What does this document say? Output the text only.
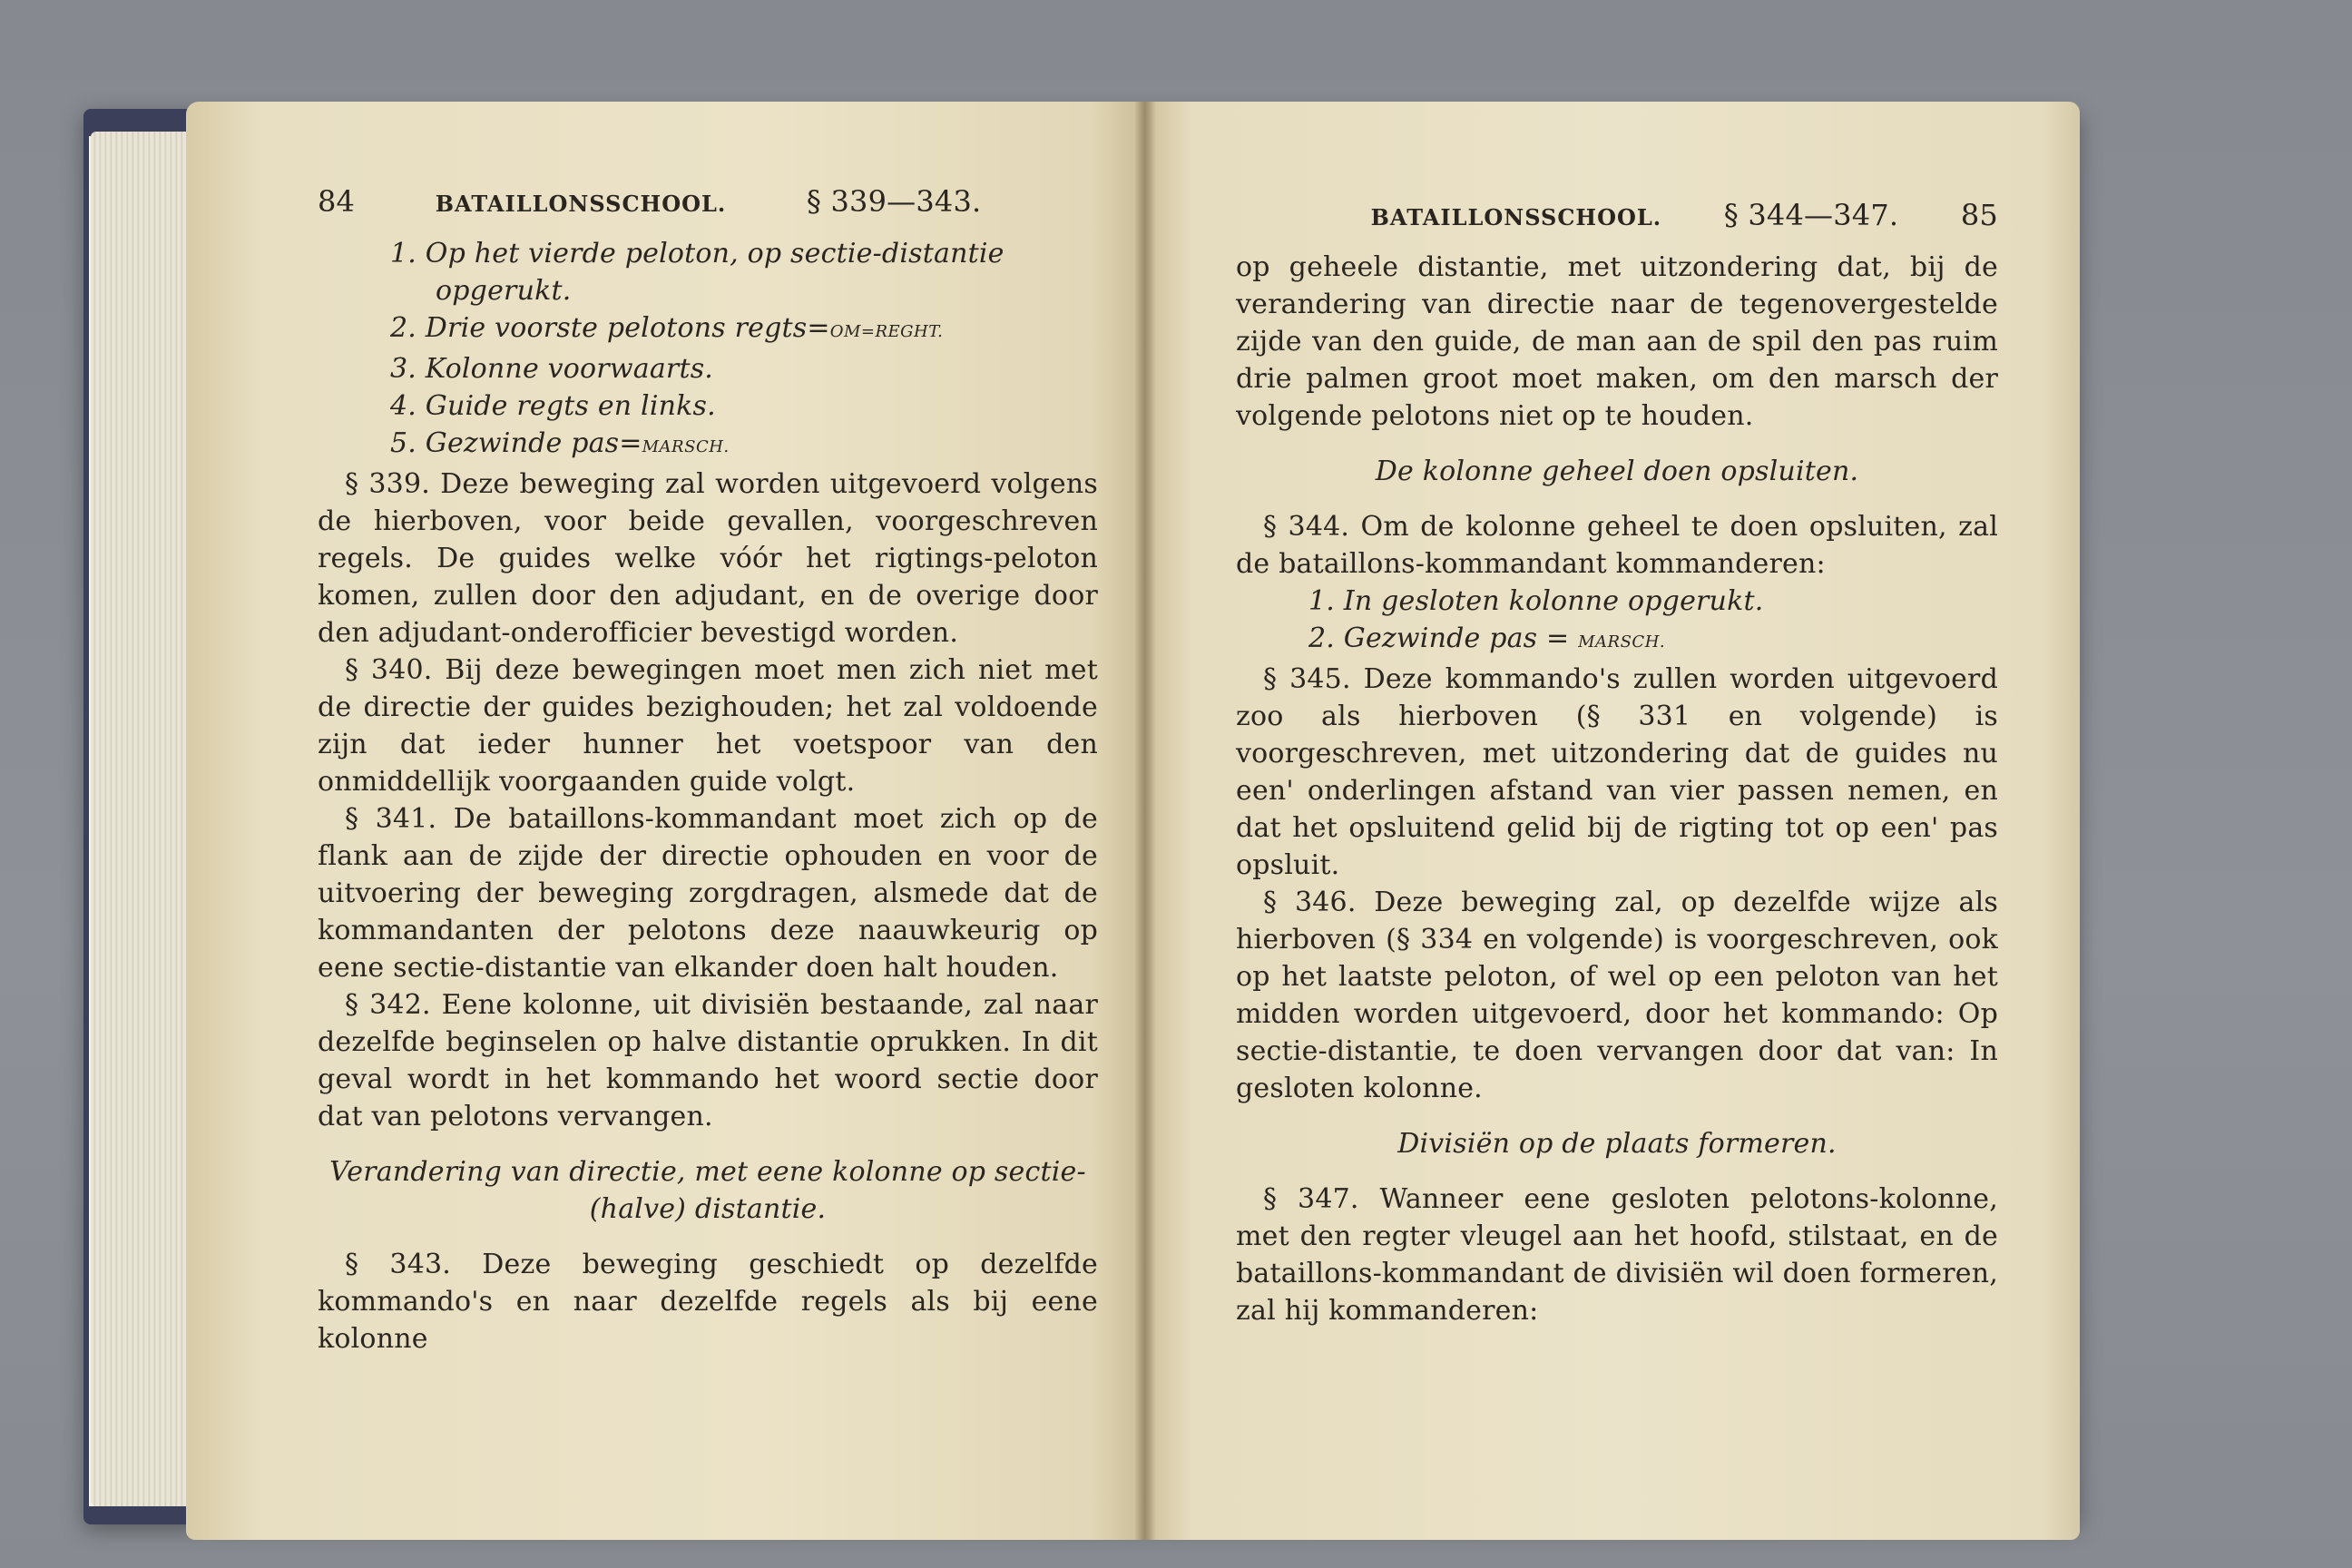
84	BATAILLONSSCHOOL.	§ 339—343.
1. Op het vierde peloton, op sectie-distantie
opgerukt.
2. Drie voorste pelotons regts=OM=REGHT.
3. Kolonne voorwaarts.
4. Guide regts en links.
5. Gezwinde pas=MARSCH.
§ 339. Deze beweging zal worden uitgevoerd volgens de hierboven, voor beide gevallen, voorgeschreven regels. De guides welke vóór het rigtings-peloton komen, zullen door den adjudant, en de overige door den adjudant-onderofficier bevestigd worden.
§ 340. Bij deze bewegingen moet men zich niet met de directie der guides bezighouden; het zal voldoende zijn dat ieder hunner het voetspoor van den onmiddellijk voorgaanden guide volgt.
§ 341. De bataillons-kommandant moet zich op de flank aan de zijde der directie ophouden en voor de uitvoering der beweging zorgdragen, alsmede dat de kommandanten der pelotons deze naauwkeurig op eene sectie-distantie van elkander doen halt houden.
§ 342. Eene kolonne, uit divisiën bestaande, zal naar dezelfde beginselen op halve distantie oprukken. In dit geval wordt in het kommando het woord sectie door dat van pelotons vervangen.
Verandering van directie, met eene kolonne op sectie- (halve) distantie.
§ 343. Deze beweging geschiedt op dezelfde kommando's en naar dezelfde regels als bij eene kolonne
BATAILLONSSCHOOL. § 344—347. 85
op geheele distantie, met uitzondering dat, bij de verandering van directie naar de tegenovergestelde zijde van den guide, de man aan de spil den pas ruim drie palmen groot moet maken, om den marsch der volgende pelotons niet op te houden.
De kolonne geheel doen opsluiten.
§ 344. Om de kolonne geheel te doen opsluiten, zal de bataillons-kommandant kommanderen:
1. In gesloten kolonne opgerukt.
2. Gezwinde pas = MARSCH.
§ 345. Deze kommando's zullen worden uitgevoerd zoo als hierboven (§ 331 en volgende) is voorgeschreven, met uitzondering dat de guides nu een' onderlingen afstand van vier passen nemen, en dat het opsluitend gelid bij de rigting tot op een' pas opsluit.
§ 346. Deze beweging zal, op dezelfde wijze als hierboven (§ 334 en volgende) is voorgeschreven, ook op het laatste peloton, of wel op een peloton van het midden worden uitgevoerd, door het kommando: Op sectie-distantie, te doen vervangen door dat van: In gesloten kolonne.
Divisiën op de plaats formeren.
§ 347. Wanneer eene gesloten pelotons-kolonne, met den regter vleugel aan het hoofd, stilstaat, en de bataillons-kommandant de divisiën wil doen formeren, zal hij kommanderen:
